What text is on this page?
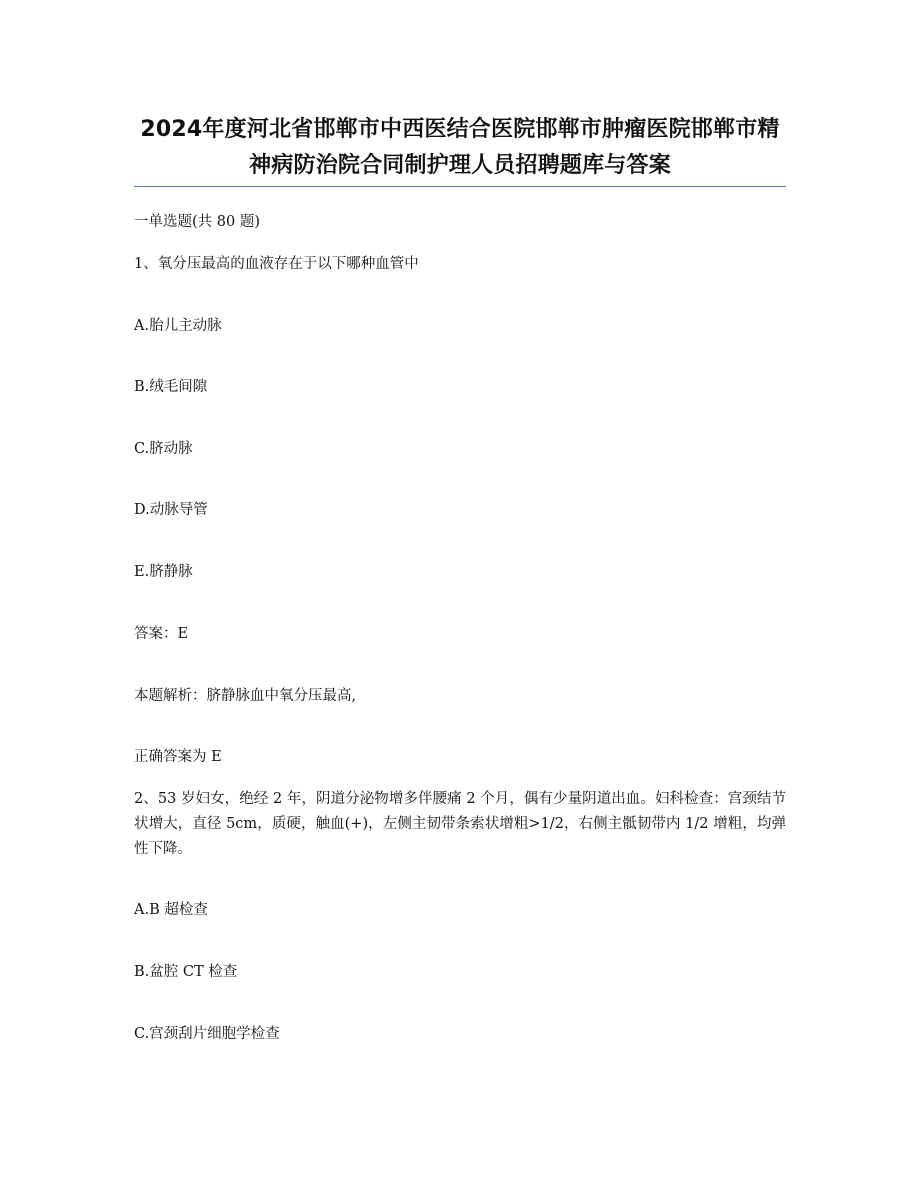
2024年度河北省邯郸市中西医结合医院邯郸市肿瘤医院邯郸市精神病防治院合同制护理人员招聘题库与答案
一单选题(共 80 题)
1、氧分压最高的血液存在于以下哪种血管中
A.胎儿主动脉
B.绒毛间隙
C.脐动脉
D.动脉导管
E.脐静脉
答案：E
本题解析：脐静脉血中氧分压最高,
正确答案为 E
2、53 岁妇女，绝经 2 年，阴道分泌物增多伴腰痛 2 个月，偶有少量阴道出血。妇科检查：宫颈结节状增大，直径 5cm，质硬，触血(+)，左侧主韧带条索状增粗>1/2，右侧主骶韧带内 1/2 增粗，均弹性下降。
A.B 超检查
B.盆腔 CT 检查
C.宫颈刮片细胞学检查
